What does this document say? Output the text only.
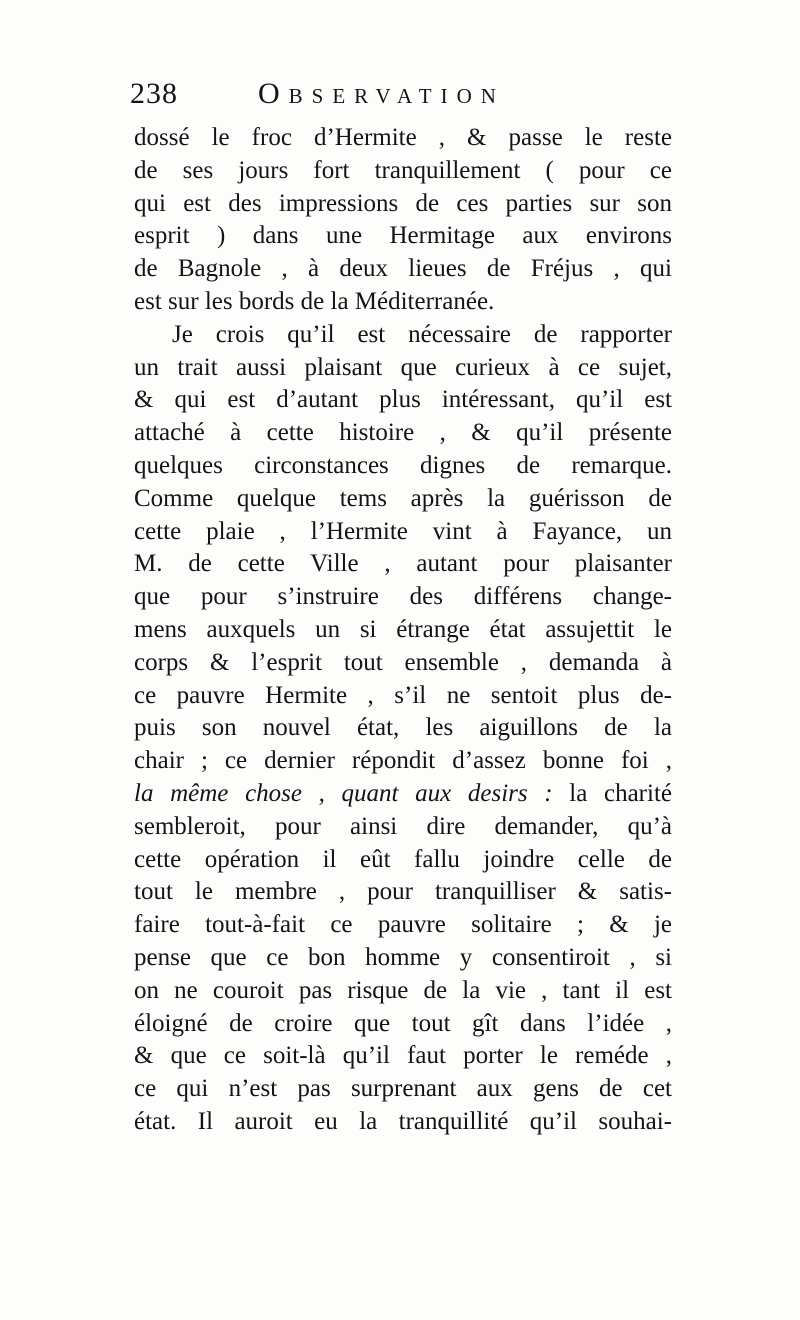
238	Observation
dossé le froc d’Hermite , & passe le reste
de ses jours fort tranquillement ( pour ce
qui est des impressions de ces parties sur son
esprit ) dans une Hermitage aux environs
de Bagnole , à deux lieues de Fréjus , qui
est sur les bords de la Méditerranée.
Je crois qu’il est nécessaire de rapporter
un trait aussi plaisant que curieux à ce sujet,
& qui est d’autant plus intéressant, qu’il est
attaché à cette histoire , & qu’il présente
quelques circonstances dignes de remarque.
Comme quelque tems après la guérisson de
cette plaie , l’Hermite vint à Fayance, un
M. de cette Ville , autant pour plaisanter
que pour s’instruire des différens change-
mens auxquels un si étrange état assujettit le
corps & l’esprit tout ensemble , demanda à
ce pauvre Hermite , s’il ne sentoit plus de-
puis son nouvel état, les aiguillons de la
chair ; ce dernier répondit d’assez bonne foi ,
la même chose , quant aux desirs : la charité
sembleroit, pour ainsi dire demander, qu’à
cette opération il eût fallu joindre celle de
tout le membre , pour tranquilliser & satis-
faire tout-à-fait ce pauvre solitaire ; & je
pense que ce bon homme y consentiroit , si
on ne couroit pas risque de la vie , tant il est
éloigné de croire que tout gît dans l’idée ,
& que ce soit-là qu’il faut porter le reméde ,
ce qui n’est pas surprenant aux gens de cet
état. Il auroit eu la tranquillité qu’il souhai-
